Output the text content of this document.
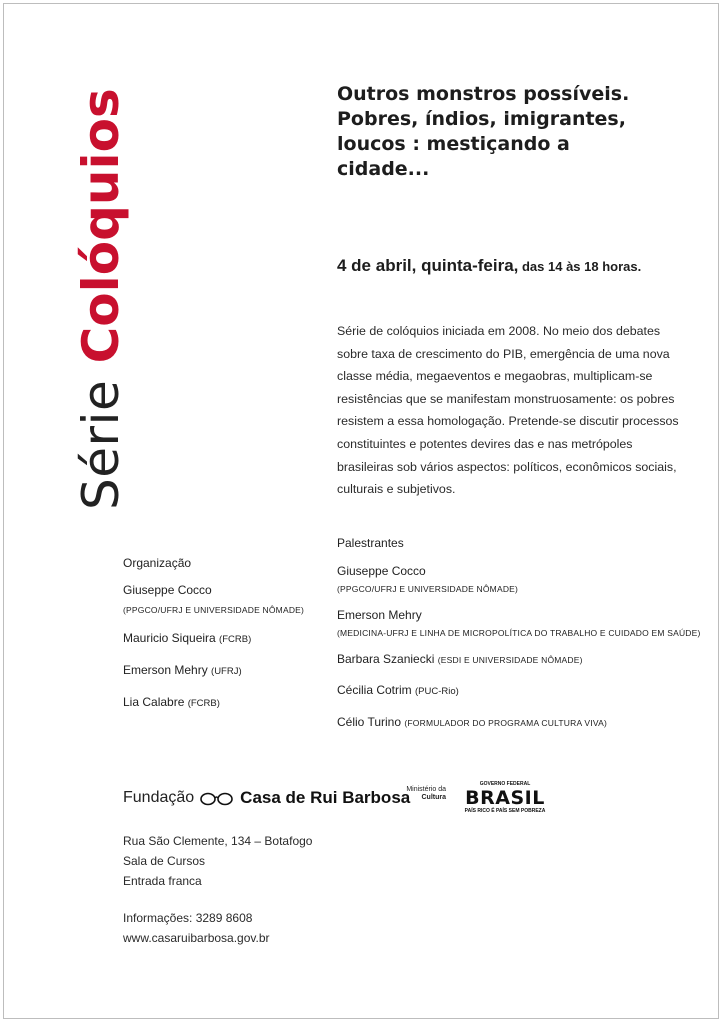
Série Colóquios	Outros monstros possíveis.
Pobres, índios, imigrantes,
loucos : mestiçando a
cidade...
4 de abril, quinta-feira, das 14 às 18 horas.
Série de colóquios iniciada em 2008. No meio dos debates
sobre taxa de crescimento do PIB, emergência de uma nova
classe média, megaeventos e megaobras, multiplicam-se
resistências que se manifestam monstruosamente: os pobres
resistem a essa homologação. Pretende-se discutir processos
constituintes e potentes devires das e nas metrópoles
brasileiras sob vários aspectos: políticos, econômicos sociais,
culturais e subjetivos.
Organização
Giuseppe Cocco
(PPGCO/UFRJ E UNIVERSIDADE NÔMADE)
Mauricio Siqueira (FCRB)
Emerson Mehry (UFRJ)
Lia Calabre (FCRB)
Palestrantes
Giuseppe Cocco
(PPGCO/UFRJ E UNIVERSIDADE NÔMADE)
Emerson Mehry
(MEDICINA-UFRJ E LINHA DE MICROPOLÍTICA DO TRABALHO E CUIDADO EM SAÚDE)
Barbara Szaniecki (ESDI E UNIVERSIDADE NÔMADE)
Cécilia Cotrim (PUC-Rio)
Célio Turino (FORMULADOR DO PROGRAMA CULTURA VIVA)
Fundação	Casa de Rui Barbosa
Ministério da
Cultura
GOVERNO FEDERAL
BRASIL
PAÍS RICO É PAÍS SEM POBREZA
Rua São Clemente, 134 – Botafogo
Sala de Cursos
Entrada franca
Informações: 3289 8608
www.casaruibarbosa.gov.br
